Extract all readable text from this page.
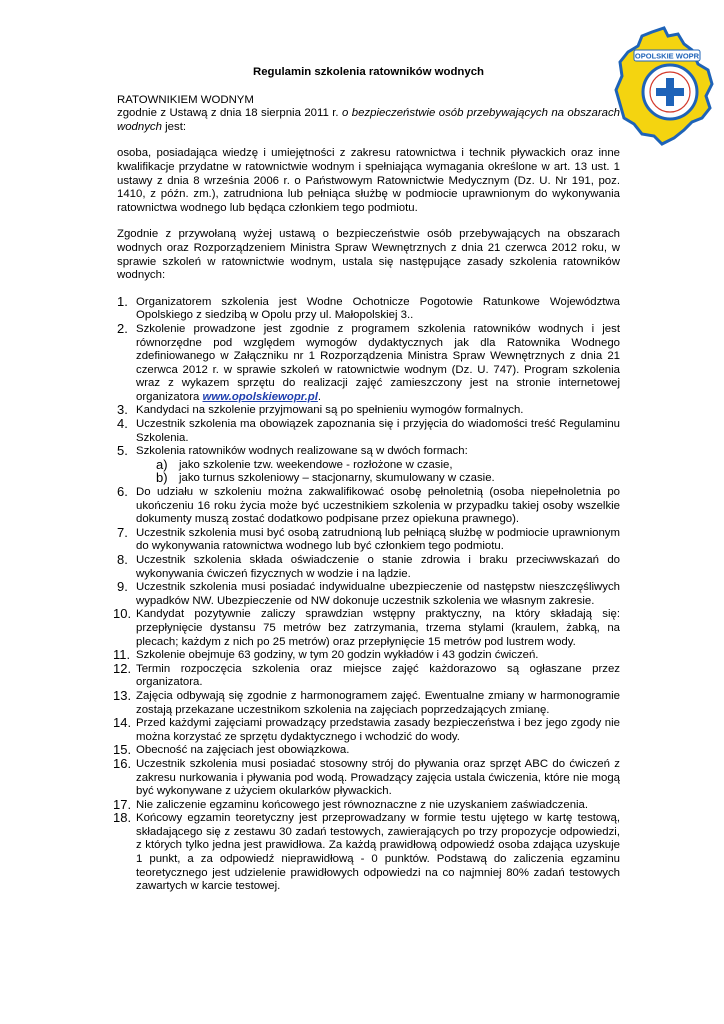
OPOLSKIE WOPR

Regulamin szkolenia ratowników wodnych

RATOWNIKIEM WODNYM

zgodnie z Ustawą z dnia 18 sierpnia 2011 r. o bezpieczeństwie osób przebywających na obszarach wodnych jest:

osoba, posiadająca wiedzę i umiejętności z zakresu ratownictwa i technik pływackich oraz inne kwalifikacje przydatne w ratownictwie wodnym i spełniająca wymagania określone w art. 13 ust. 1 ustawy z dnia 8 września 2006 r. o Państwowym Ratownictwie Medycznym (Dz. U. Nr 191, poz. 1410, z późn. zm.), zatrudniona lub pełniąca służbę w podmiocie uprawnionym do wykonywania ratownictwa wodnego lub będąca członkiem tego podmiotu.

Zgodnie z przywołaną wyżej ustawą o bezpieczeństwie osób przebywających na obszarach wodnych oraz Rozporządzeniem Ministra Spraw Wewnętrznych z dnia 21 czerwca 2012 roku, w sprawie szkoleń w ratownictwie wodnym, ustala się następujące zasady szkolenia ratowników wodnych:

1. Organizatorem szkolenia jest Wodne Ochotnicze Pogotowie Ratunkowe Województwa Opolskiego z siedzibą w Opolu przy ul. Małopolskiej 3..
2. Szkolenie prowadzone jest zgodnie z programem szkolenia ratowników wodnych i jest równorzędne pod względem wymogów dydaktycznych jak dla Ratownika Wodnego zdefiniowanego w Załączniku nr 1 Rozporządzenia Ministra Spraw Wewnętrznych z dnia 21 czerwca 2012 r. w sprawie szkoleń w ratownictwie wodnym (Dz. U. 747). Program szkolenia wraz z wykazem sprzętu do realizacji zajęć zamieszczony jest na stronie internetowej organizatora www.opolskiewopr.pl.
3. Kandydaci na szkolenie przyjmowani są po spełnieniu wymogów formalnych.
4. Uczestnik szkolenia ma obowiązek zapoznania się i przyjęcia do wiadomości treść Regulaminu Szkolenia.
5. Szkolenia ratowników wodnych realizowane są w dwóch formach:
a) jako szkolenie tzw. weekendowe - rozłożone w czasie,
b) jako turnus szkoleniowy – stacjonarny, skumulowany w czasie.
6. Do udziału w szkoleniu można zakwalifikować osobę pełnoletnią (osoba niepełnoletnia po ukończeniu 16 roku życia może być uczestnikiem szkolenia w przypadku takiej osoby wszelkie dokumenty muszą zostać dodatkowo podpisane przez opiekuna prawnego).
7. Uczestnik szkolenia musi być osobą zatrudnioną lub pełniącą służbę w podmiocie uprawnionym do wykonywania ratownictwa wodnego lub być członkiem tego podmiotu.
8. Uczestnik szkolenia składa oświadczenie o stanie zdrowia i braku przeciwwskazań do wykonywania ćwiczeń fizycznych w wodzie i na lądzie.
9. Uczestnik szkolenia musi posiadać indywidualne ubezpieczenie od następstw nieszczęśliwych wypadków NW. Ubezpieczenie od NW dokonuje uczestnik szkolenia we własnym zakresie.
10. Kandydat pozytywnie zaliczy sprawdzian wstępny praktyczny, na który składają się: przepłynięcie dystansu 75 metrów bez zatrzymania, trzema stylami (kraulem, żabką, na plecach; każdym z nich po 25 metrów) oraz przepłynięcie 15 metrów pod lustrem wody.
11. Szkolenie obejmuje 63 godziny, w tym 20 godzin wykładów i 43 godzin ćwiczeń.
12. Termin rozpoczęcia szkolenia oraz miejsce zajęć każdorazowo są ogłaszane przez organizatora.
13. Zajęcia odbywają się zgodnie z harmonogramem zajęć. Ewentualne zmiany w harmonogramie zostają przekazane uczestnikom szkolenia na zajęciach poprzedzających zmianę.
14. Przed każdymi zajęciami prowadzący przedstawia zasady bezpieczeństwa i bez jego zgody nie można korzystać ze sprzętu dydaktycznego i wchodzić do wody.
15. Obecność na zajęciach jest obowiązkowa.
16. Uczestnik szkolenia musi posiadać stosowny strój do pływania oraz sprzęt ABC do ćwiczeń z zakresu nurkowania i pływania pod wodą. Prowadzący zajęcia ustala ćwiczenia, które nie mogą być wykonywane z użyciem okularków pływackich.
17. Nie zaliczenie egzaminu końcowego jest równoznaczne z nie uzyskaniem zaświadczenia.
18. Końcowy egzamin teoretyczny jest przeprowadzany w formie testu ujętego w kartę testową, składającego się z zestawu 30 zadań testowych, zawierających po trzy propozycje odpowiedzi, z których tylko jedna jest prawidłowa. Za każdą prawidłową odpowiedź osoba zdająca uzyskuje 1 punkt, a za odpowiedź nieprawidłową - 0 punktów. Podstawą do zaliczenia egzaminu teoretycznego jest udzielenie prawidłowych odpowiedzi na co najmniej 80% zadań testowych zawartych w karcie testowej.
